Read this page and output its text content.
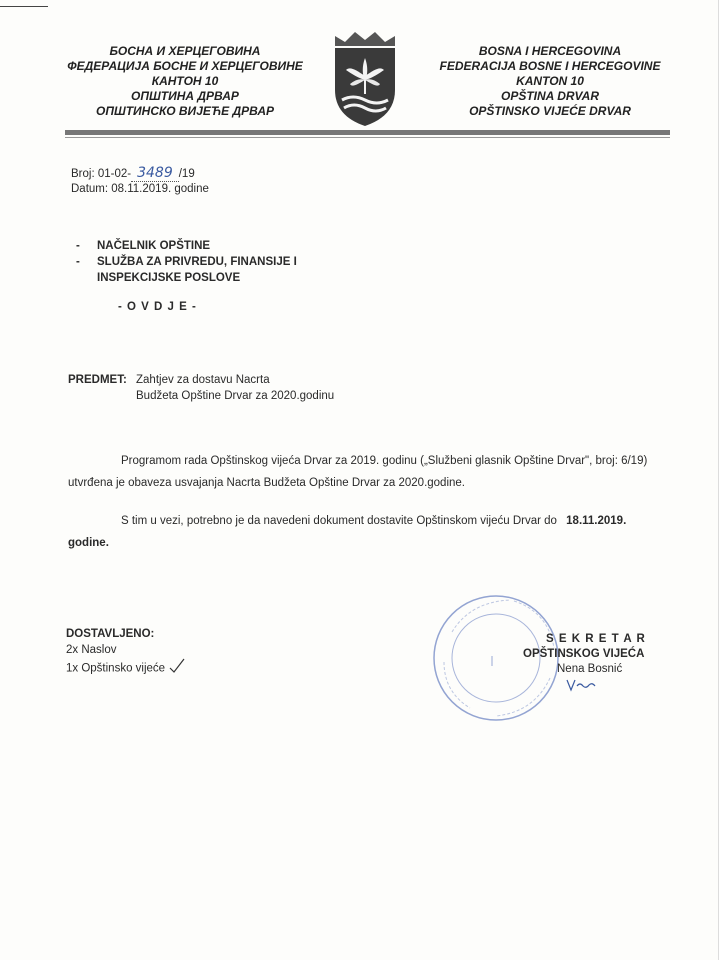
БОСНА И ХЕРЦЕГОВИНА
ФЕДЕРАЦИЈА БОСНЕ И ХЕРЦЕГОВИНЕ
КАНТОН 10
ОПШТИНА ДРВАР
ОПШТИНСКО ВИЈЕЋЕ ДРВАР
BOSNA I HERCEGOVINA
FEDERACIJA BOSNE I HERCEGOVINE
KANTON 10
OPŠTINA DRVAR
OPŠTINSKO VIJEĆE DRVAR
Broj: 01-02- 3489 /19
Datum: 08.11.2019. godine
- NAČELNIK OPŠTINE
- SLUŽBA ZA PRIVREDU, FINANSIJE I
INSPEKCIJSKE POSLOVE
- O V D J E -
PREDMET: Zahtjev za dostavu Nacrta
Budžeta Opštine Drvar za 2020.godinu
Programom rada Opštinskog vijeća Drvar za 2019. godinu („Službeni glasnik Opštine Drvar", broj: 6/19)
utvrđena je obaveza usvajanja Nacrta Budžeta Opštine Drvar za 2020.godine.
S tim u vezi, potrebno je da navedeni dokument dostavite Opštinskom vijeću Drvar do 18.11.2019.
godine.
DOSTAVLJENO:
2x Naslov
1x Opštinsko vijeće
S E K R E T A R
OPŠTINSKOG VIJEĆA
Nena Bosnić
